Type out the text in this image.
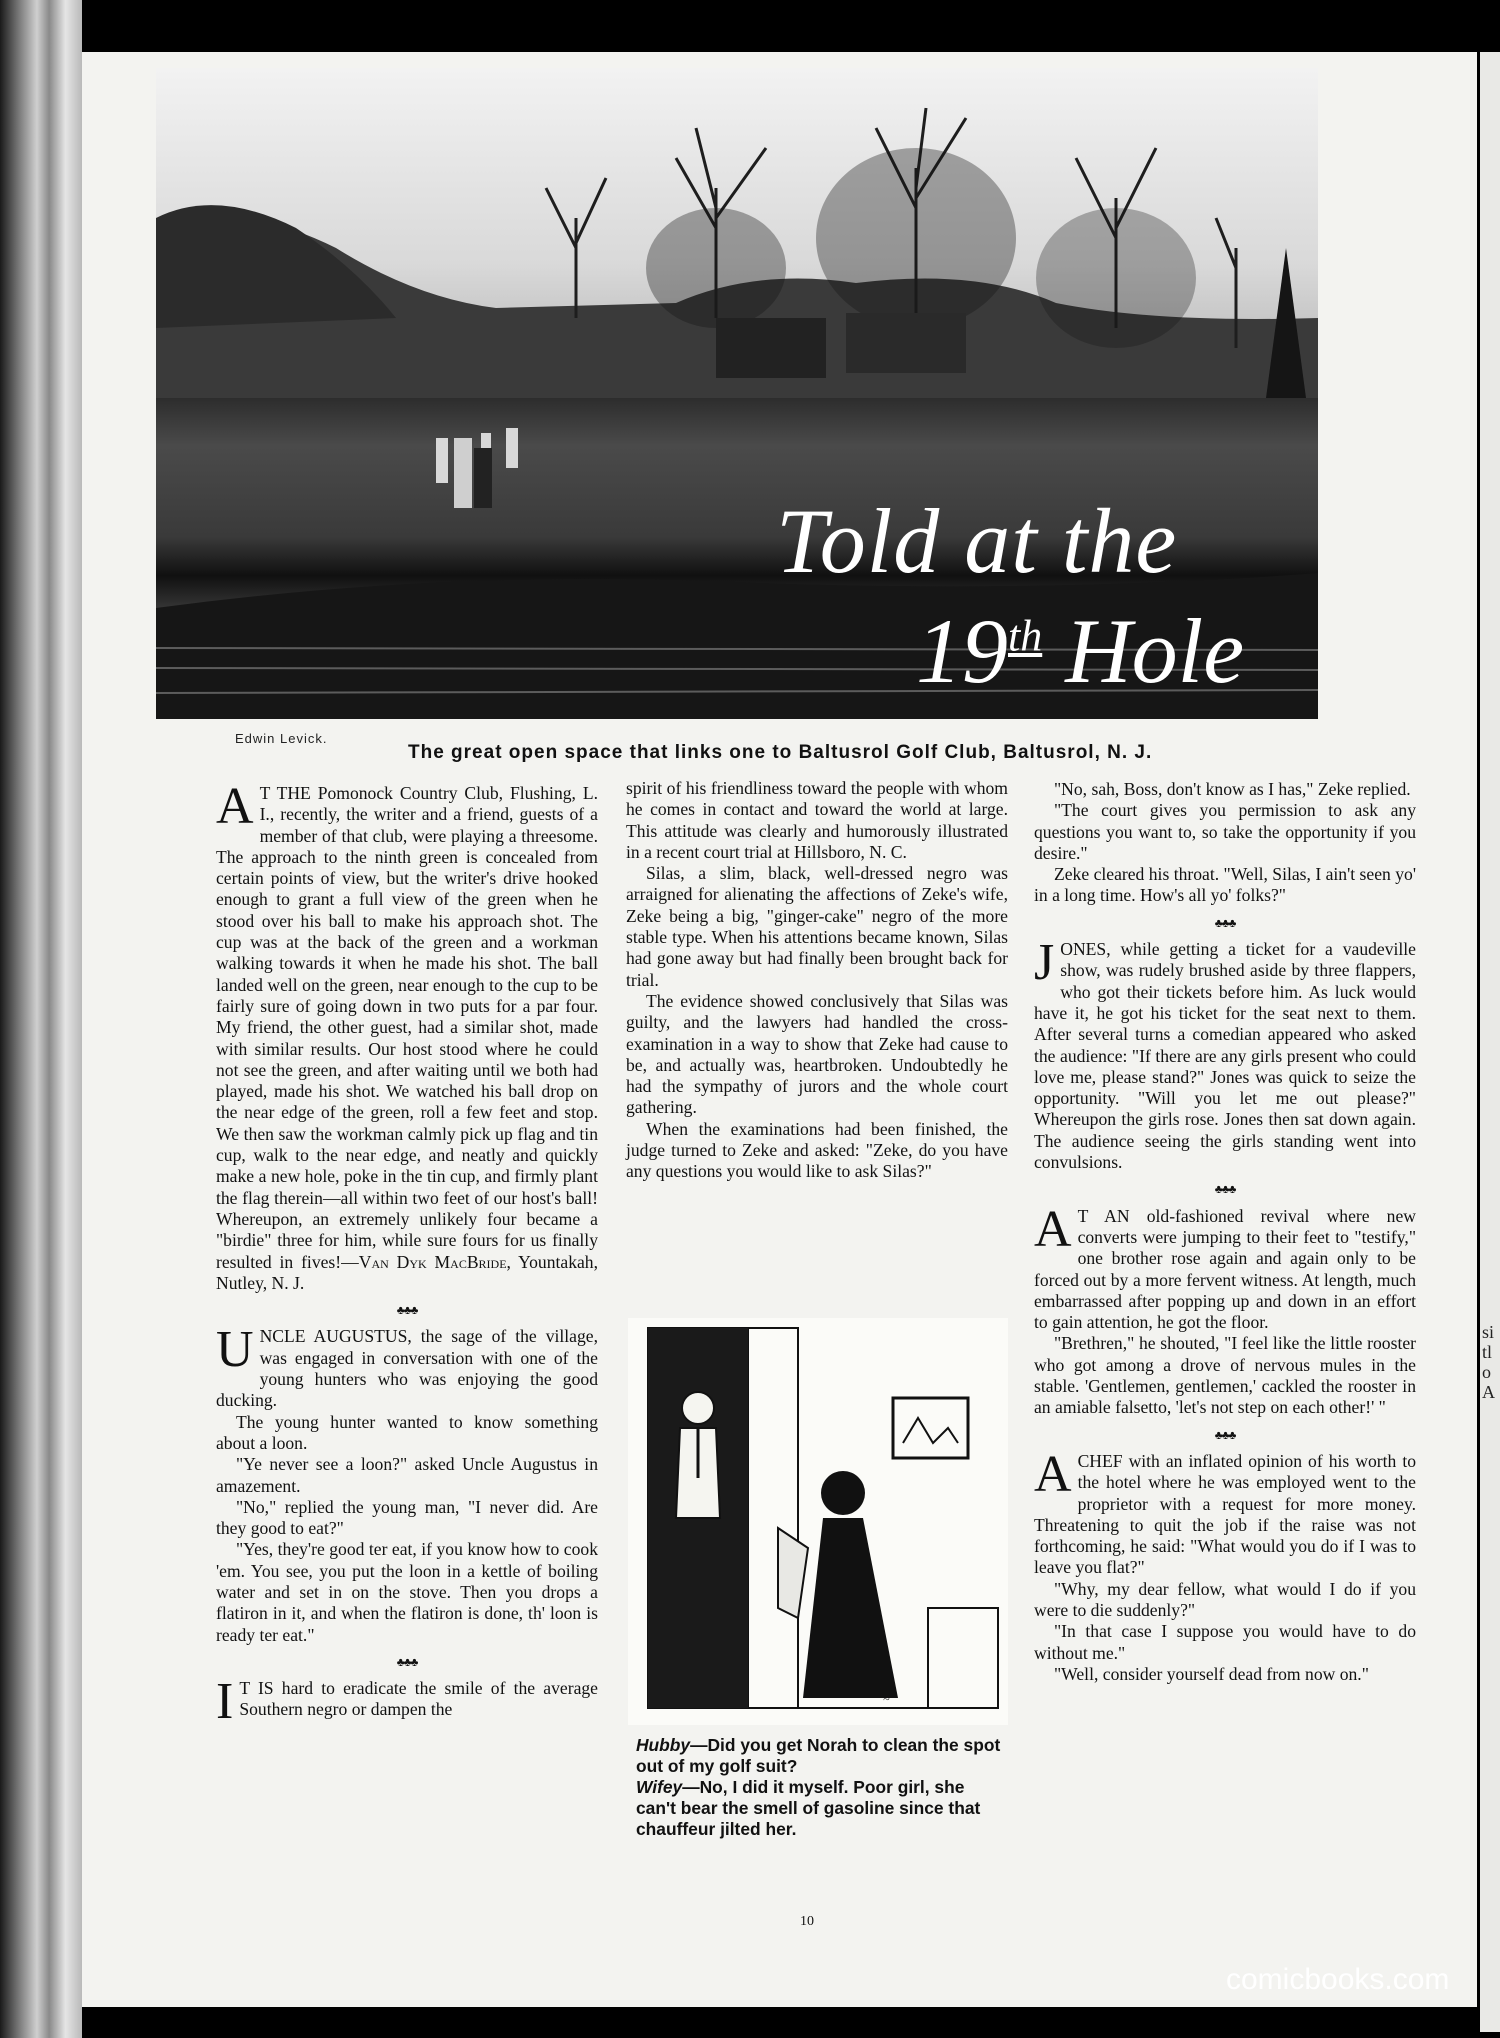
si
tl
o
A
Told at the
19th Hole
Edwin Levick.
The great open space that links one to Baltusrol Golf Club, Baltusrol, N. J.

A T THE Pomonock Country Club, Flushing, L. I., recently, the writer and a friend, guests of a member of that club, were playing a threesome. The approach to the ninth green is concealed from certain points of view, but the writer's drive hooked enough to grant a full view of the green when he stood over his ball to make his approach shot. The cup was at the back of the green and a workman walking towards it when he made his shot. The ball landed well on the green, near enough to the cup to be fairly sure of going down in two puts for a par four. My friend, the other guest, had a similar shot, made with similar results. Our host stood where he could not see the green, and after waiting until we both had played, made his shot. We watched his ball drop on the near edge of the green, roll a few feet and stop. We then saw the workman calmly pick up flag and tin cup, walk to the near edge, and neatly and quickly make a new hole, poke in the tin cup, and firmly plant the flag therein—all within two feet of our host's ball! Whereupon, an extremely unlikely four became a "birdie" three for him, while sure fours for us finally resulted in fives!—Van Dyk MacBride, Yountakah, Nutley, N. J.

♣♣♣

UNCLE AUGUSTUS, the sage of the village, was engaged in conversation with one of the young hunters who was enjoying the good ducking.

The young hunter wanted to know something about a loon.

"Ye never see a loon?" asked Uncle Augustus in amazement.

"No," replied the young man, "I never did. Are they good to eat?"

"Yes, they're good ter eat, if you know how to cook 'em. You see, you put the loon in a kettle of boiling water and set in on the stove. Then you drops a flatiron in it, and when the flatiron is done, th' loon is ready ter eat."

♣♣♣

I T IS hard to eradicate the smile of the average Southern negro or dampen the

spirit of his friendliness toward the people with whom he comes in contact and toward the world at large. This attitude was clearly and humorously illustrated in a recent court trial at Hillsboro, N. C.

Silas, a slim, black, well-dressed negro was arraigned for alienating the affections of Zeke's wife, Zeke being a big, "ginger-cake" negro of the more stable type. When his attentions became known, Silas had gone away but had finally been brought back for trial.

The evidence showed conclusively that Silas was guilty, and the lawyers had handled the cross-examination in a way to show that Zeke had cause to be, and actually was, heartbroken. Undoubtedly he had the sympathy of jurors and the whole court gathering.

When the examinations had been finished, the judge turned to Zeke and asked: "Zeke, do you have any questions you would like to ask Silas?"

~
Hubby—Did you get Norah to clean the spot out of my golf suit?
Wifey—No, I did it myself. Poor girl, she can't bear the smell of gasoline since that chauffeur jilted her.

"No, sah, Boss, don't know as I has," Zeke replied.

"The court gives you permission to ask any questions you want to, so take the opportunity if you desire."

Zeke cleared his throat. "Well, Silas, I ain't seen yo' in a long time. How's all yo' folks?"

♣♣♣

JONES, while getting a ticket for a vaudeville show, was rudely brushed aside by three flappers, who got their tickets before him. As luck would have it, he got his ticket for the seat next to them. After several turns a comedian appeared who asked the audience: "If there are any girls present who could love me, please stand?" Jones was quick to seize the opportunity. "Will you let me out please?" Whereupon the girls rose. Jones then sat down again. The audience seeing the girls standing went into convulsions.

♣♣♣

A T AN old-fashioned revival where new converts were jumping to their feet to "testify," one brother rose again and again only to be forced out by a more fervent witness. At length, much embarrassed after popping up and down in an effort to gain attention, he got the floor.

"Brethren," he shouted, "I feel like the little rooster who got among a drove of nervous mules in the stable. 'Gentlemen, gentlemen,' cackled the rooster in an amiable falsetto, 'let's not step on each other!' "

♣♣♣

ACHEF with an inflated opinion of his worth to the hotel where he was employed went to the proprietor with a request for more money. Threatening to quit the job if the raise was not forthcoming, he said: "What would you do if I was to leave you flat?"

"Why, my dear fellow, what would I do if you were to die suddenly?"

"In that case I suppose you would have to do without me."

"Well, consider yourself dead from now on."

10
comicbooks.com
